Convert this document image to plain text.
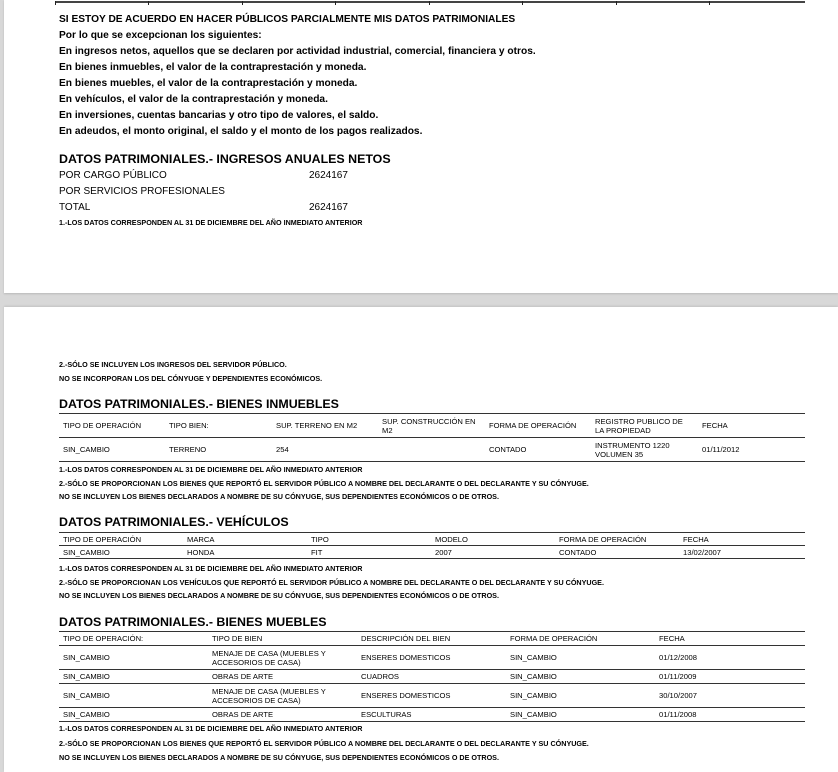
SI ESTOY DE ACUERDO EN HACER PÚBLICOS PARCIALMENTE MIS DATOS PATRIMONIALES
Por lo que se excepcionan los siguientes:
En ingresos netos, aquellos que se declaren por actividad industrial, comercial, financiera y otros.
En bienes inmuebles, el valor de la contraprestación y moneda.
En bienes muebles, el valor de la contraprestación y moneda.
En vehículos, el valor de la contraprestación y moneda.
En inversiones, cuentas bancarias y otro tipo de valores, el saldo.
En adeudos, el monto original, el saldo y el monto de los pagos realizados.
DATOS PATRIMONIALES.- INGRESOS ANUALES NETOS
POR CARGO PÚBLICO	2624167
POR SERVICIOS PROFESIONALES
TOTAL	2624167
1.-LOS DATOS CORRESPONDEN AL 31 DE DICIEMBRE DEL AÑO INMEDIATO ANTERIOR
2.-SÓLO SE INCLUYEN LOS INGRESOS DEL SERVIDOR PÚBLICO.
NO SE INCORPORAN LOS DEL CÓNYUGE Y DEPENDIENTES ECONÓMICOS.
DATOS PATRIMONIALES.- BIENES INMUEBLES
TIPO DE OPERACIÓN	TIPO BIEN:	SUP. TERRENO EN M2	SUP. CONSTRUCCIÓN EN M2	FORMA DE OPERACIÓN	REGISTRO PUBLICO DE LA PROPIEDAD	FECHA
SIN_CAMBIO	TERRENO	254		CONTADO	INSTRUMENTO 1220 VOLUMEN 35	01/11/2012
1.-LOS DATOS CORRESPONDEN AL 31 DE DICIEMBRE DEL AÑO INMEDIATO ANTERIOR
2.-SÓLO SE PROPORCIONAN LOS BIENES QUE REPORTÓ EL SERVIDOR PÚBLICO A NOMBRE DEL DECLARANTE O DEL DECLARANTE Y SU CÓNYUGE.
NO SE INCLUYEN LOS BIENES DECLARADOS A NOMBRE DE SU CÓNYUGE, SUS DEPENDIENTES ECONÓMICOS O DE OTROS.
DATOS PATRIMONIALES.- VEHÍCULOS
TIPO DE OPERACIÓN	MARCA	TIPO	MODELO	FORMA DE OPERACIÓN	FECHA
SIN_CAMBIO	HONDA	FIT	2007	CONTADO	13/02/2007
1.-LOS DATOS CORRESPONDEN AL 31 DE DICIEMBRE DEL AÑO INMEDIATO ANTERIOR
2.-SÓLO SE PROPORCIONAN LOS VEHÍCULOS QUE REPORTÓ EL SERVIDOR PÚBLICO A NOMBRE DEL DECLARANTE O DEL DECLARANTE Y SU CÓNYUGE.
NO SE INCLUYEN LOS BIENES DECLARADOS A NOMBRE DE SU CÓNYUGE, SUS DEPENDIENTES ECONÓMICOS O DE OTROS.
DATOS PATRIMONIALES.- BIENES MUEBLES
TIPO DE OPERACIÓN:	TIPO DE BIEN	DESCRIPCIÓN DEL BIEN	FORMA DE OPERACIÓN	FECHA
SIN_CAMBIO	MENAJE DE CASA (MUEBLES Y ACCESORIOS DE CASA)	ENSERES DOMESTICOS	SIN_CAMBIO	01/12/2008
SIN_CAMBIO	OBRAS DE ARTE	CUADROS	SIN_CAMBIO	01/11/2009
SIN_CAMBIO	MENAJE DE CASA (MUEBLES Y ACCESORIOS DE CASA)	ENSERES DOMESTICOS	SIN_CAMBIO	30/10/2007
SIN_CAMBIO	OBRAS DE ARTE	ESCULTURAS	SIN_CAMBIO	01/11/2008
1.-LOS DATOS CORRESPONDEN AL 31 DE DICIEMBRE DEL AÑO INMEDIATO ANTERIOR
2.-SÓLO SE PROPORCIONAN LOS BIENES QUE REPORTÓ EL SERVIDOR PÚBLICO A NOMBRE DEL DECLARANTE O DEL DECLARANTE Y SU CÓNYUGE.
NO SE INCLUYEN LOS BIENES DECLARADOS A NOMBRE DE SU CÓNYUGE, SUS DEPENDIENTES ECONÓMICOS O DE OTROS.
